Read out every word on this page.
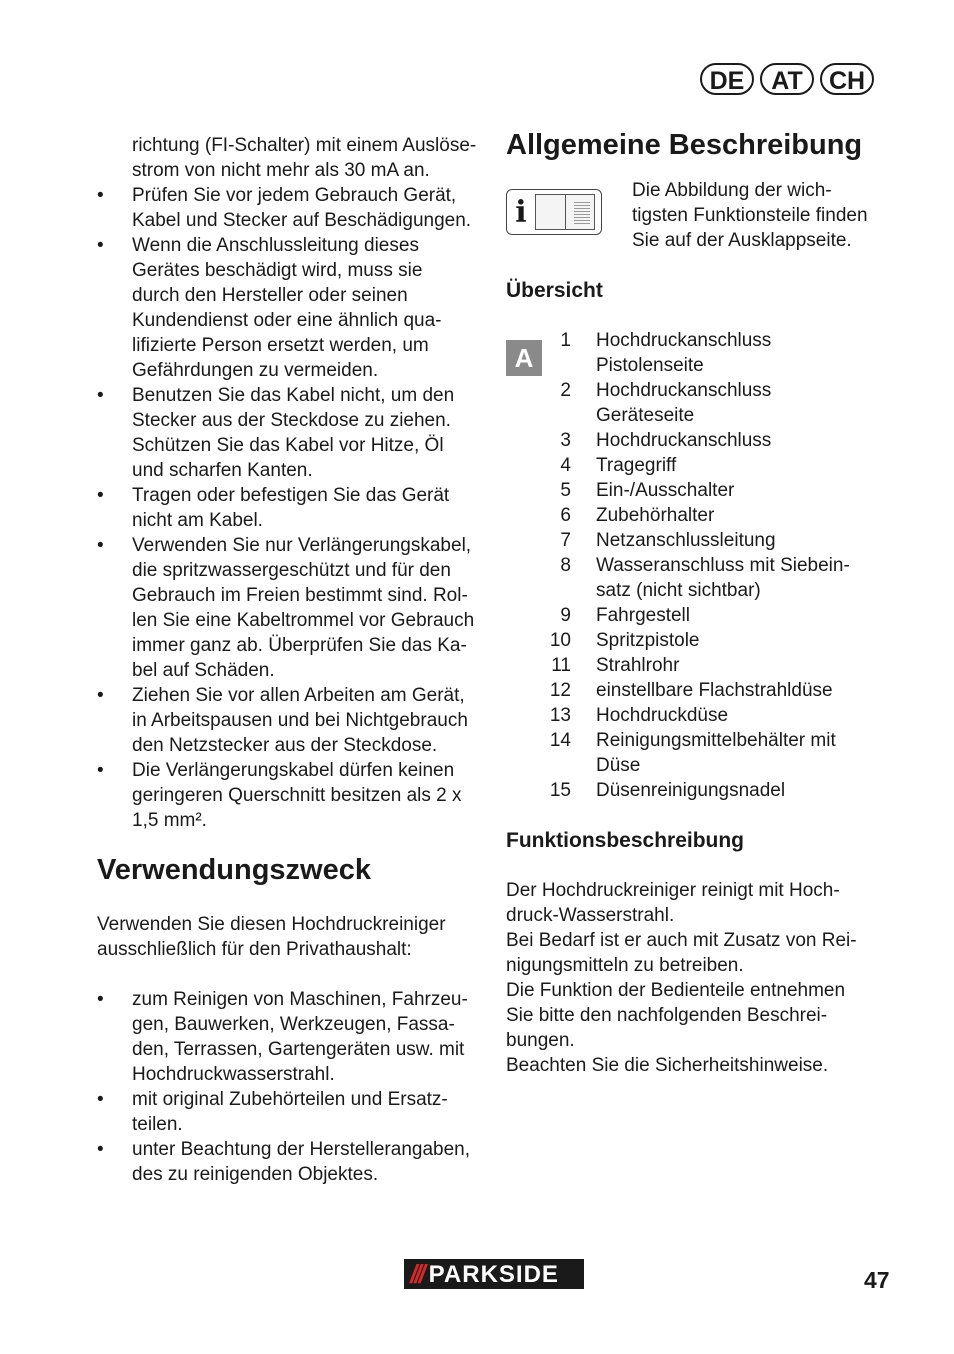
DE	AT	CH
richtung (FI-Schalter) mit einem Auslöse-
strom von nicht mehr als 30 mA an.
• Prüfen Sie vor jedem Gebrauch Gerät,
Kabel und Stecker auf Beschädigungen.
• Wenn die Anschlussleitung dieses
Gerätes beschädigt wird, muss sie
durch den Hersteller oder seinen
Kundendienst oder eine ähnlich qua-
lifizierte Person ersetzt werden, um
Gefährdungen zu vermeiden.
• Benutzen Sie das Kabel nicht, um den
Stecker aus der Steckdose zu ziehen.
Schützen Sie das Kabel vor Hitze, Öl
und scharfen Kanten.
• Tragen oder befestigen Sie das Gerät
nicht am Kabel.
• Verwenden Sie nur Verlängerungskabel,
die spritzwassergeschützt und für den
Gebrauch im Freien bestimmt sind. Rol-
len Sie eine Kabeltrommel vor Gebrauch
immer ganz ab. Überprüfen Sie das Ka-
bel auf Schäden.
• Ziehen Sie vor allen Arbeiten am Gerät,
in Arbeitspausen und bei Nichtgebrauch
den Netzstecker aus der Steckdose.
• Die Verlängerungskabel dürfen keinen
geringeren Querschnitt besitzen als 2 x
1,5 mm².
Verwendungszweck
Verwenden Sie diesen Hochdruckreiniger
ausschließlich für den Privathaushalt:
• zum Reinigen von Maschinen, Fahrzeu-
gen, Bauwerken, Werkzeugen, Fassa-
den, Terrassen, Gartengeräten usw. mit
Hochdruckwasserstrahl.
• mit original Zubehörteilen und Ersatz-
teilen.
• unter Beachtung der Herstellerangaben,
des zu reinigenden Objektes.
Allgemeine Beschreibung
i
Die Abbildung der wich-
tigsten Funktionsteile finden
Sie auf der Ausklappseite.
Übersicht
A
1	Hochdruckanschluss
Pistolenseite
2	Hochdruckanschluss
Geräteseite
3	Hochdruckanschluss
4	Tragegriff
5	Ein-/Ausschalter
6	Zubehörhalter
7	Netzanschlussleitung
8	Wasseranschluss mit Siebein-
satz (nicht sichtbar)
9	Fahrgestell
10	Spritzpistole
11	Strahlrohr
12	einstellbare Flachstrahldüse
13	Hochdruckdüse
14	Reinigungsmittelbehälter mit
Düse
15	Düsenreinigungsnadel
Funktionsbeschreibung
Der Hochdruckreiniger reinigt mit Hoch-
druck-Wasserstrahl.
Bei Bedarf ist er auch mit Zusatz von Rei-
nigungsmitteln zu betreiben.
Die Funktion der Bedienteile entnehmen
Sie bitte den nachfolgenden Beschrei-
bungen.
Beachten Sie die Sicherheitshinweise.
/// PARKSIDE	47
